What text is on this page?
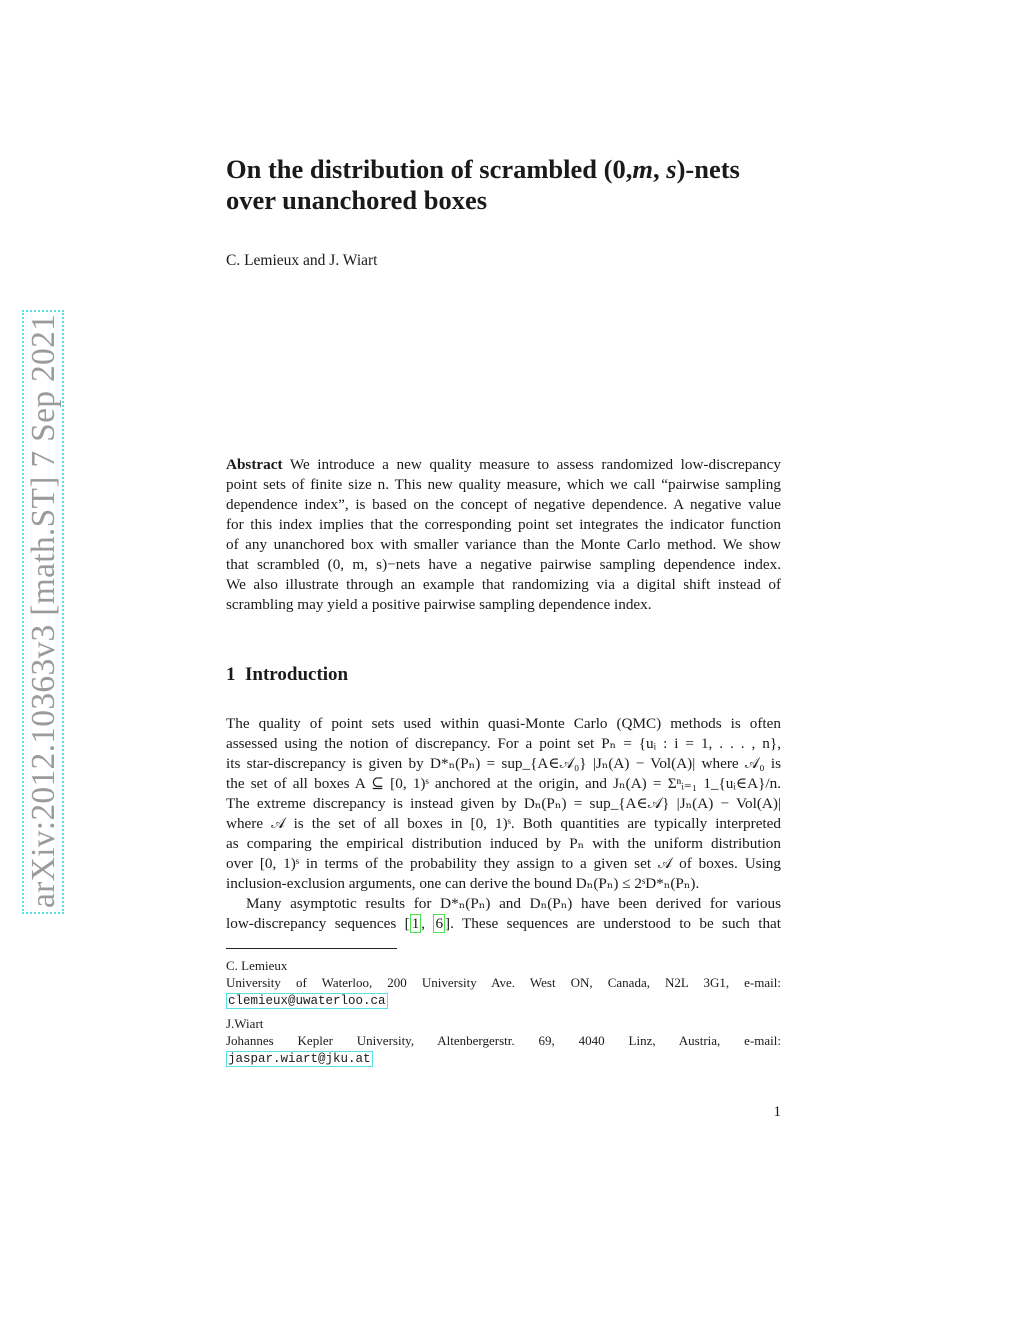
arXiv:2012.10363v3 [math.ST] 7 Sep 2021
On the distribution of scrambled (0,m, s)-nets
over unanchored boxes
C. Lemieux and J. Wiart
Abstract We introduce a new quality measure to assess randomized low-discrepancy
point sets of finite size n. This new quality measure, which we call “pairwise sampling
dependence index”, is based on the concept of negative dependence. A negative value
for this index implies that the corresponding point set integrates the indicator function
of any unanchored box with smaller variance than the Monte Carlo method. We show
that scrambled (0, m, s)−nets have a negative pairwise sampling dependence index.
We also illustrate through an example that randomizing via a digital shift instead of
scrambling may yield a positive pairwise sampling dependence index.
1 Introduction
The quality of point sets used within quasi-Monte Carlo (QMC) methods is often
assessed using the notion of discrepancy. For a point set Pₙ = {uᵢ : i = 1, . . . , n},
its star-discrepancy is given by D*ₙ(Pₙ) = sup_{A∈𝒜₀} |Jₙ(A) − Vol(A)| where 𝒜₀ is
the set of all boxes A ⊆ [0, 1)ˢ anchored at the origin, and Jₙ(A) = Σⁿᵢ₌₁ 1_{uᵢ∈A}/n.
The extreme discrepancy is instead given by Dₙ(Pₙ) = sup_{A∈𝒜} |Jₙ(A) − Vol(A)|
where 𝒜 is the set of all boxes in [0, 1)ˢ. Both quantities are typically interpreted
as comparing the empirical distribution induced by Pₙ with the uniform distribution
over [0, 1)ˢ in terms of the probability they assign to a given set 𝒜 of boxes. Using
inclusion-exclusion arguments, one can derive the bound Dₙ(Pₙ) ≤ 2ˢD*ₙ(Pₙ).
Many asymptotic results for D*ₙ(Pₙ) and Dₙ(Pₙ) have been derived for various
low-discrepancy sequences [ 1 , 6 ]. These sequences are understood to be such that
C. Lemieux
University of Waterloo, 200 University Ave. West ON, Canada, N2L 3G1, e-mail:
clemieux@uwaterloo.ca
J.Wiart
Johannes Kepler University, Altenbergerstr. 69, 4040 Linz, Austria, e-mail:
jaspar.wiart@jku.at
1
